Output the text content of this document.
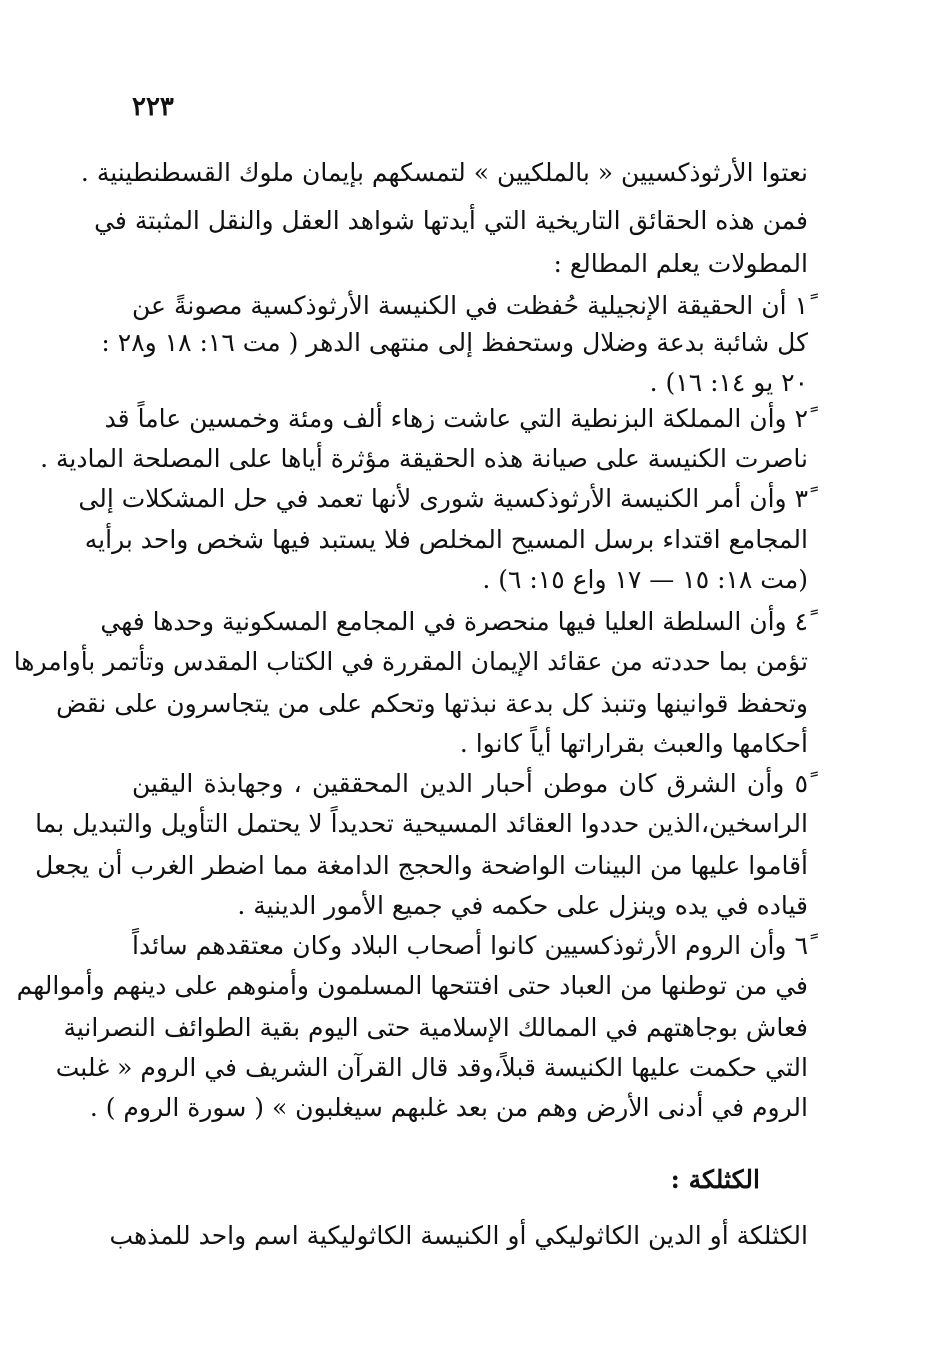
٢٢٣
نعتوا الأرثوذكسيين « بالملكيين » لتمسكهم بإيمان ملوك القسطنطينية .
فمن هذه الحقائق التاريخية التي أيدتها شواهد العقل والنقل المثبتة في
المطولات يعلم المطالع :
١ً أن الحقيقة الإنجيلية حُفظت في الكنيسة الأرثوذكسية مصونةً عن
كل شائبة بدعة وضلال وستحفظ إلى منتهى الدهر ( مت ١٦: ١٨ و٢٨ :
٢٠ يو ١٤: ١٦) .
٢ً وأن المملكة البزنطية التي عاشت زهاء ألف ومئة وخمسين عاماً قد
ناصرت الكنيسة على صيانة هذه الحقيقة مؤثرة أياها على المصلحة المادية .
٣ً وأن أمر الكنيسة الأرثوذكسية شورى لأنها تعمد في حل المشكلات إلى
المجامع اقتداء برسل المسيح المخلص فلا يستبد فيها شخص واحد برأيه
(مت ١٨: ١٥ — ١٧ واع ١٥: ٦) .
٤ً وأن السلطة العليا فيها منحصرة في المجامع المسكونية وحدها فهي
تؤمن بما حددته من عقائد الإيمان المقررة في الكتاب المقدس وتأتمر بأوامرها
وتحفظ قوانينها وتنبذ كل بدعة نبذتها وتحكم على من يتجاسرون على نقض
أحكامها والعبث بقراراتها أياً كانوا .
٥ً وأن الشرق كان موطن أحبار الدين المحققين ، وجهابذة اليقين
الراسخين،الذين حددوا العقائد المسيحية تحديداً لا يحتمل التأويل والتبديل بما
أقاموا عليها من البينات الواضحة والحجج الدامغة مما اضطر الغرب أن يجعل
قياده في يده وينزل على حكمه في جميع الأمور الدينية .
٦ً وأن الروم الأرثوذكسيين كانوا أصحاب البلاد وكان معتقدهم سائداً
في من توطنها من العباد حتى افتتحها المسلمون وأمنوهم على دينهم وأموالهم
فعاش بوجاهتهم في الممالك الإسلامية حتى اليوم بقية الطوائف النصرانية
التي حكمت عليها الكنيسة قبلاً،وقد قال القرآن الشريف في الروم « غلبت
الروم في أدنى الأرض وهم من بعد غلبهم سيغلبون » ( سورة الروم ) .
الكثلكة :
الكثلكة أو الدين الكاثوليكي أو الكنيسة الكاثوليكية اسم واحد للمذهب
